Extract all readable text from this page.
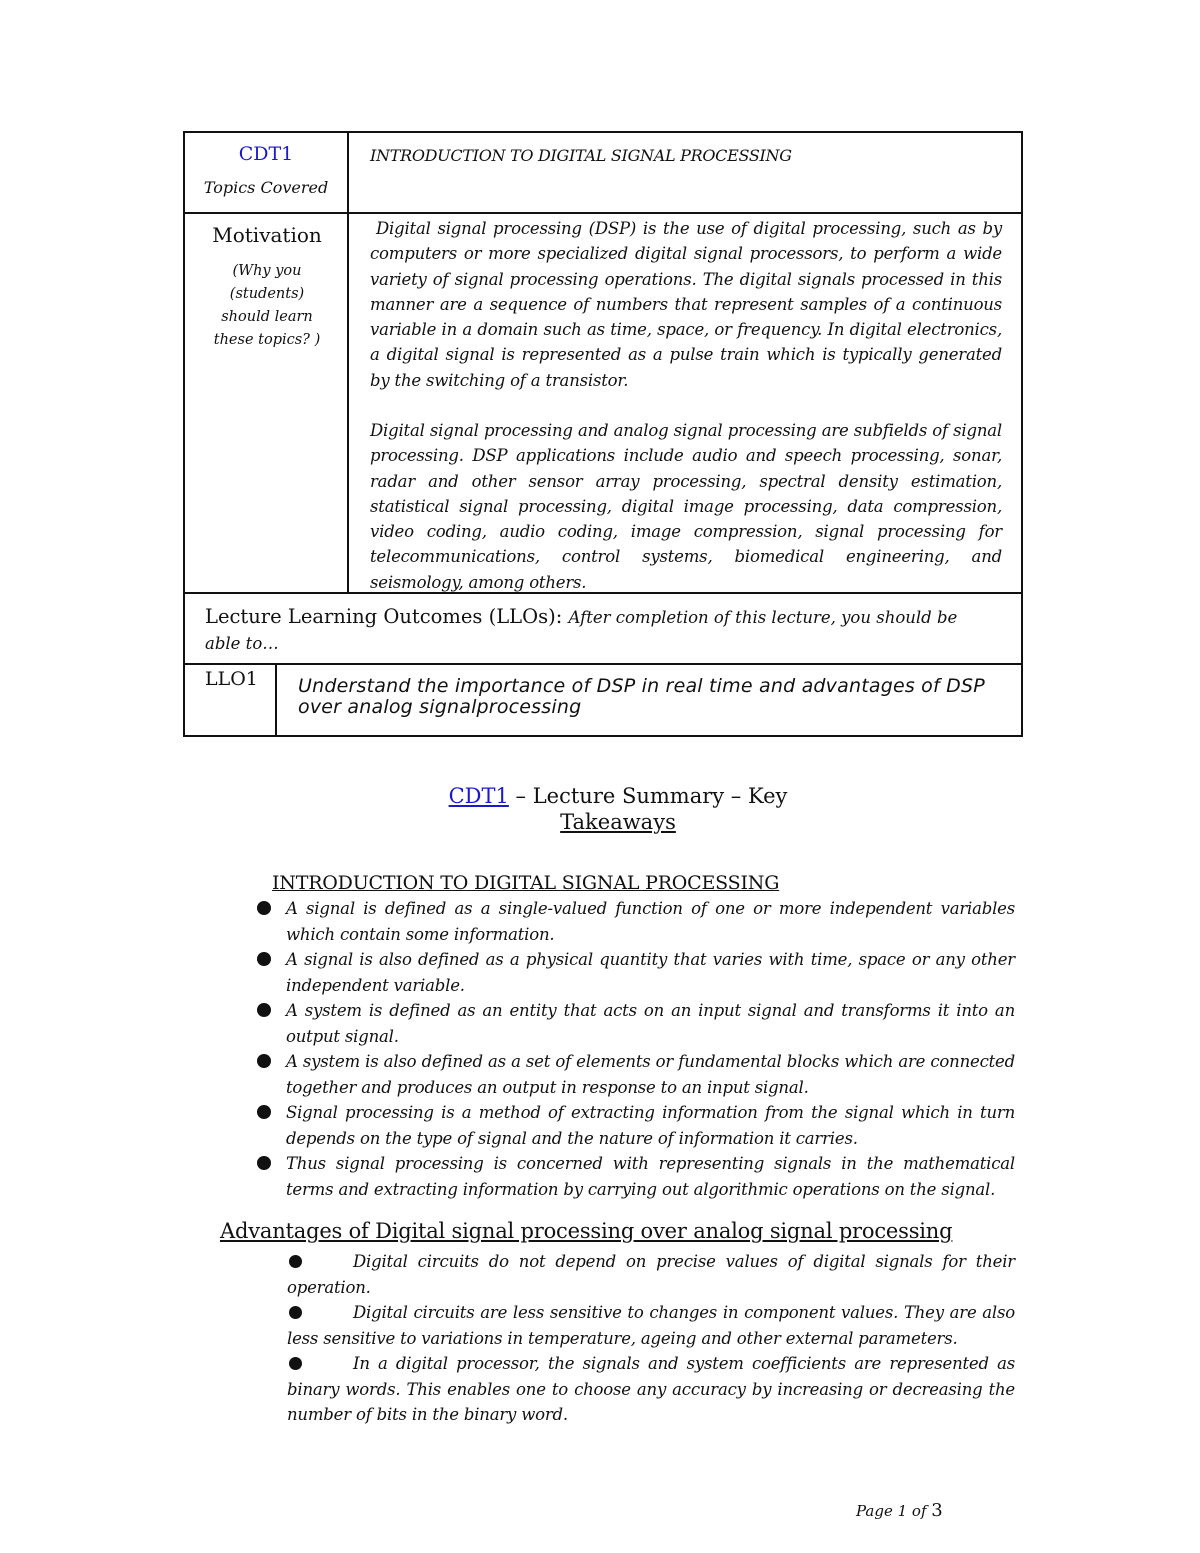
CDT1
Topics Covered
INTRODUCTION TO DIGITAL SIGNAL PROCESSING
Motivation
(Why you
(students)
should learn
these topics? )
Digital signal processing (DSP) is the use of digital processing, such as by computers or more specialized digital signal processors, to perform a wide variety of signal processing operations. The digital signals processed in this manner are a sequence of numbers that represent samples of a continuous variable in a domain such as time, space, or frequency. In digital electronics, a digital signal is represented as a pulse train which is typically generated by the switching of a transistor.
Digital signal processing and analog signal processing are subfields of signal processing. DSP applications include audio and speech processing, sonar, radar and other sensor array processing, spectral density estimation, statistical signal processing, digital image processing, data compression, video coding, audio coding, image compression, signal processing for telecommunications, control systems, biomedical engineering, and seismology, among others.
Lecture Learning Outcomes (LLOs): After completion of this lecture, you should be able to…
LLO1 Understand the importance of DSP in real time and advantages of DSP over analog signalprocessing
CDT1 – Lecture Summary – Key
Takeaways
INTRODUCTION TO DIGITAL SIGNAL PROCESSING
A signal is defined as a single-valued function of one or more independent variables which contain some information.
A signal is also defined as a physical quantity that varies with time, space or any other independent variable.
A system is defined as an entity that acts on an input signal and transforms it into an output signal.
A system is also defined as a set of elements or fundamental blocks which are connected together and produces an output in response to an input signal.
Signal processing is a method of extracting information from the signal which in turn depends on the type of signal and the nature of information it carries.
Thus signal processing is concerned with representing signals in the mathematical terms and extracting information by carrying out algorithmic operations on the signal.
Advantages of Digital signal processing over analog signal processing
Digital circuits do not depend on precise values of digital signals for their operation.
Digital circuits are less sensitive to changes in component values. They are also less sensitive to variations in temperature, ageing and other external parameters.
In a digital processor, the signals and system coefficients are represented as binary words. This enables one to choose any accuracy by increasing or decreasing the number of bits in the binary word.
Page 1 of 3
